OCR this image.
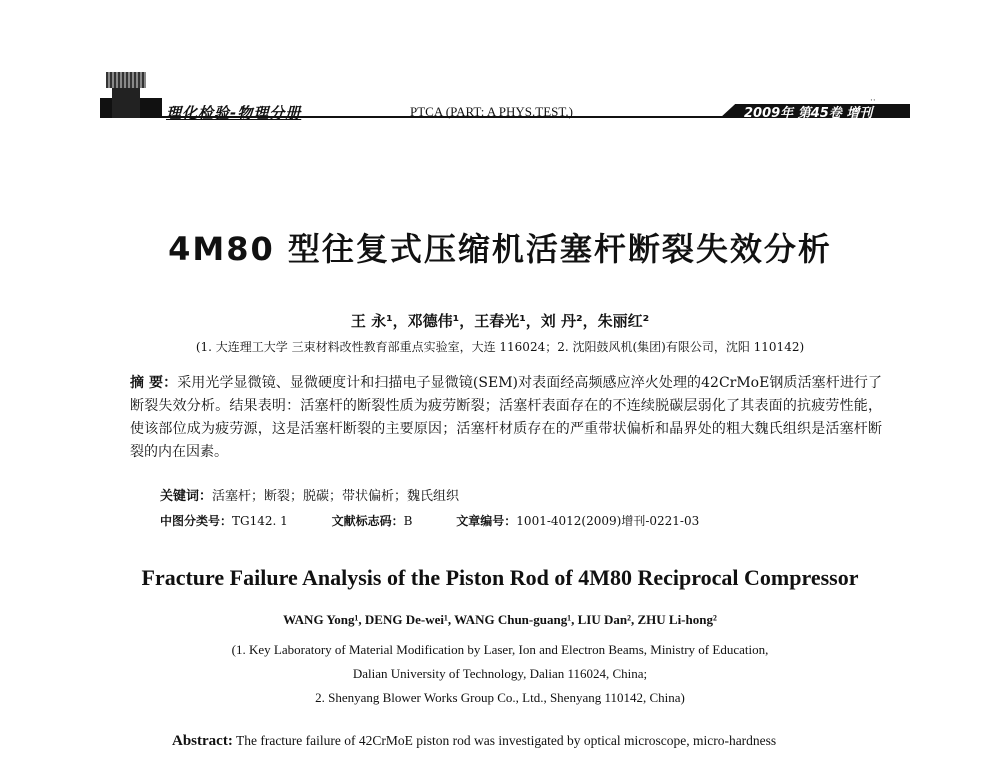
理化检验-物理分册	PTCA (PART: A PHYS.TEST.)	2009年 第45卷 增刊
··
4M80 型往复式压缩机活塞杆断裂失效分析
王 永¹，邓德伟¹，王春光¹，刘 丹²，朱丽红²
(1. 大连理工大学 三束材料改性教育部重点实验室，大连 116024；2. 沈阳鼓风机(集团)有限公司，沈阳 110142)
摘 要：采用光学显微镜、显微硬度计和扫描电子显微镜(SEM)对表面经高频感应淬火处理的42CrMoE钢质活塞杆进行了断裂失效分析。结果表明：活塞杆的断裂性质为疲劳断裂；活塞杆表面存在的不连续脱碳层弱化了其表面的抗疲劳性能，使该部位成为疲劳源，这是活塞杆断裂的主要原因；活塞杆材质存在的严重带状偏析和晶界处的粗大魏氏组织是活塞杆断裂的内在因素。
关键词：活塞杆；断裂；脱碳；带状偏析；魏氏组织
中图分类号：TG142. 1	文献标志码：B	文章编号：1001-4012(2009)增刊-0221-03
Fracture Failure Analysis of the Piston Rod of 4M80 Reciprocal Compressor
WANG Yong¹, DENG De-wei¹, WANG Chun-guang¹, LIU Dan², ZHU Li-hong²
(1. Key Laboratory of Material Modification by Laser, Ion and Electron Beams, Ministry of Education,
Dalian University of Technology, Dalian 116024, China;
2. Shenyang Blower Works Group Co., Ltd., Shenyang 110142, China)
Abstract: The fracture failure of 42CrMoE piston rod was investigated by optical microscope, micro-hardness
